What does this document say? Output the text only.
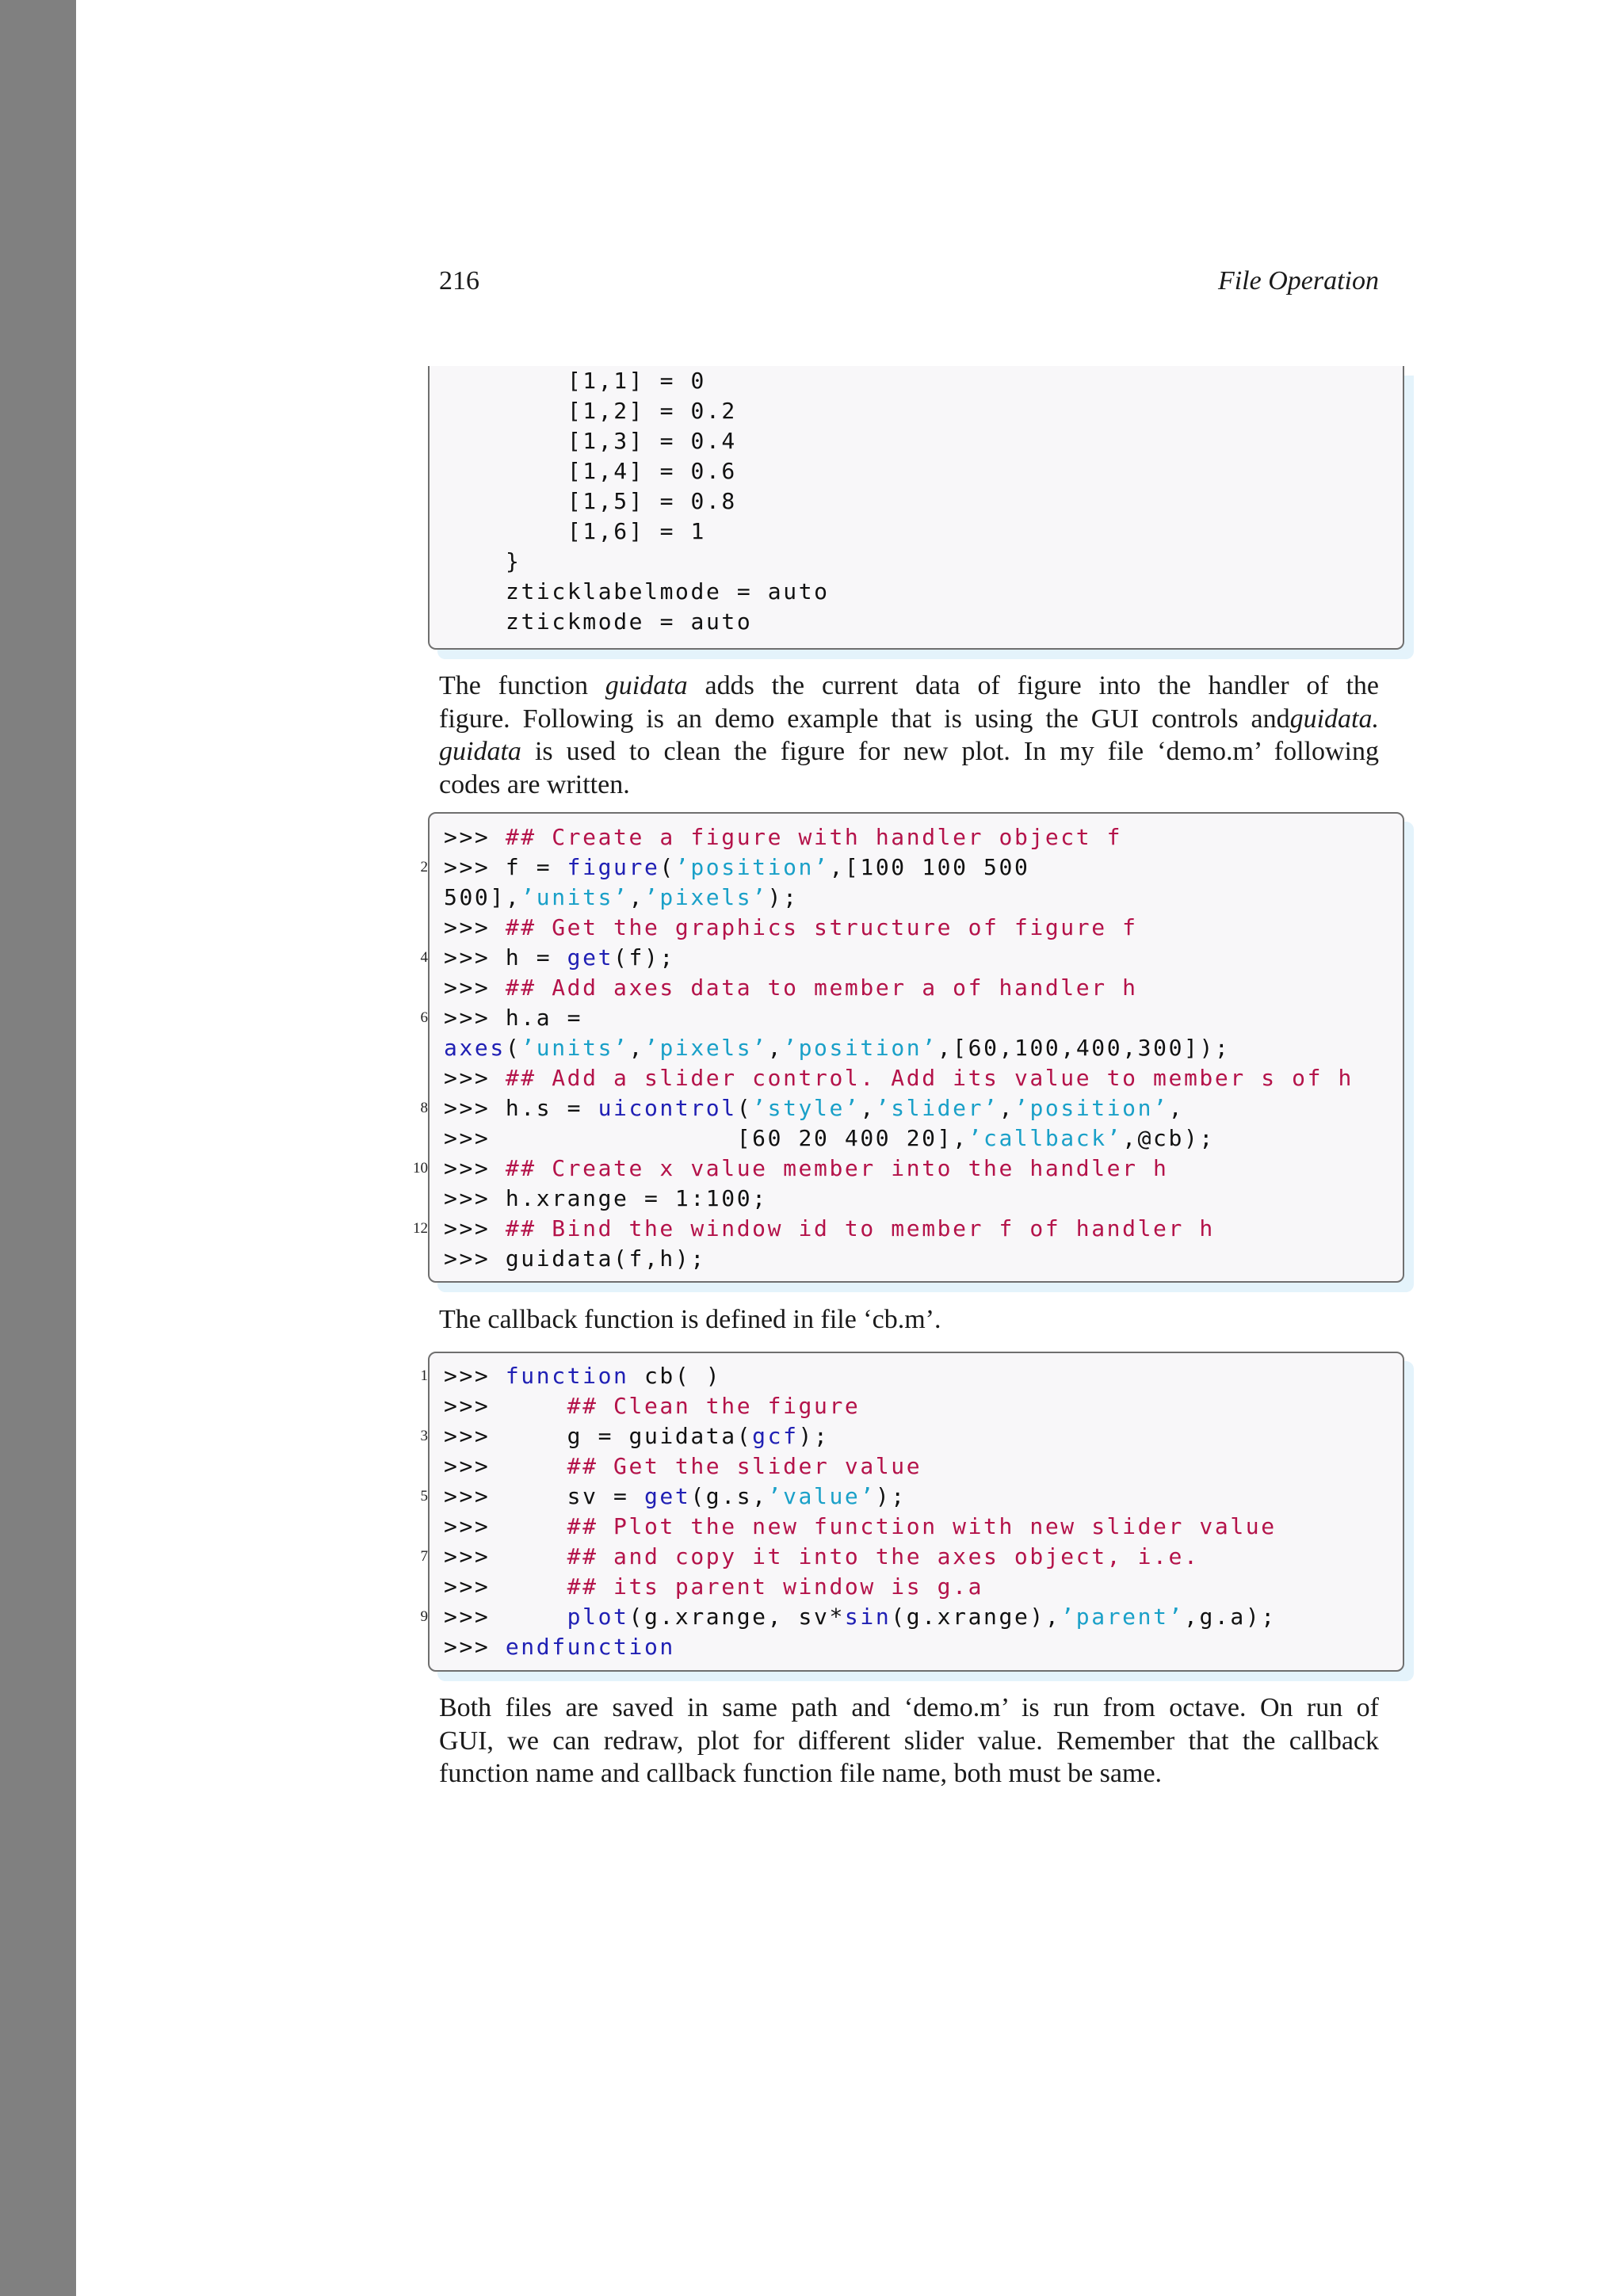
216	File Operation
[1,1] = 0
[1,2] = 0.2
[1,3] = 0.4
[1,4] = 0.6
[1,5] = 0.8
[1,6] = 1
}
zticklabelmode = auto
ztickmode = auto

The function guidata adds the current data of figure into the handler of the
figure. Following is an demo example that is using the GUI controls andguidata.
guidata is used to clean the figure for new plot. In my file ‘demo.m’ following
codes are written.

2
4
6
8
10
12
>>> ## Create a figure with handler object f
>>> f = figure(’position’,[100 100 500
500],’units’,’pixels’);
>>> ## Get the graphics structure of figure f
>>> h = get(f);
>>> ## Add axes data to member a of handler h
>>> h.a =
axes(’units’,’pixels’,’position’,[60,100,400,300]);
>>> ## Add a slider control. Add its value to member s of h
>>> h.s = uicontrol(’style’,’slider’,’position’,
>>>                [60 20 400 20],’callback’,@cb);
>>> ## Create x value member into the handler h
>>> h.xrange = 1:100;
>>> ## Bind the window id to member f of handler h
>>> guidata(f,h);

The callback function is defined in file ‘cb.m’.

1
3
5
7
9
>>> function cb( )
>>>     ## Clean the figure
>>>     g = guidata(gcf);
>>>     ## Get the slider value
>>>     sv = get(g.s,’value’);
>>>     ## Plot the new function with new slider value
>>>     ## and copy it into the axes object, i.e.
>>>     ## its parent window is g.a
>>>     plot(g.xrange, sv*sin(g.xrange),’parent’,g.a);
>>> endfunction

Both files are saved in same path and ‘demo.m’ is run from octave. On run of
GUI, we can redraw, plot for different slider value. Remember that the callback
function name and callback function file name, both must be same.
